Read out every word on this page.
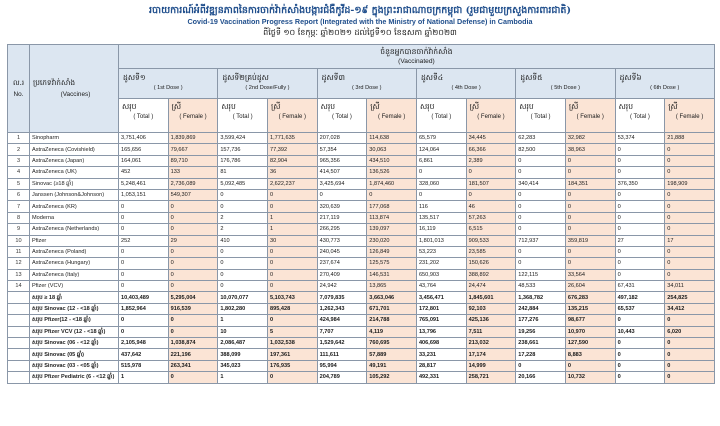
របាយការណ៍អំពីវឌ្ឍនភាពនៃការចាក់វ៉ាក់សាំងបង្ការជំងឺកូវីដ-១៩ ក្នុងព្រះរាជាណាចក្រកម្ពុជា (រួមជាមួយក្រសួងការពារជាតិ)
Covid-19 Vaccination Progress Report (Integrated with the Ministry of National Defense) in Cambodia
ពីថ្ងៃទី ១០ ខែកុម្ភៈ ឆ្នាំ២០២១ ដល់ថ្ងៃទី១០ ខែឧសភា ឆ្នាំ២០២៣
ល.រ
No.	ប្រភេទវ៉ាក់សាំង
(Vaccines)	ចំនួនអ្នកបានចាក់វ៉ាក់សាំង
(Vaccinated)											

		ដូសទី១
( 1st Dose )		ដូសទី២គ្រប់ដូស
( 2nd Dose/Fully )		ដូសទី៣
( 3rd Dose )		ដូសទី៤
( 4th Dose )		ដូសទី៥
( 5th Dose )		ដូសទី៦
( 6th Dose )	

		សរុប
( Total )	ស្រី
( Female )	សរុប
( Total )	ស្រី
( Female )	សរុប
( Total )	ស្រី
( Female )	សរុប
( Total )	ស្រី
( Female )	សរុប
( Total )	ស្រី
( Female )	សរុប
( Total )	ស្រី
( Female )

1	Sinopharm	3,751,406	1,839,869	3,599,424	1,771,635	207,028	114,638	65,579	34,445	62,283	32,982	53,374	21,888
2	AstraZeneca (Covishield)	165,656	79,667	157,736	77,392	57,354	30,063	124,064	66,366	82,500	38,963	0	0
3	AstraZeneca (Japan)	164,061	89,710	176,786	82,904	965,356	434,510	6,861	2,389	0	0	0	0
4	AstraZeneca (UK)	452	133	81	36	414,507	136,526	0	0	0	0	0	0
5	Sinovac (≥18 ឆ្នាំ)	5,248,461	2,736,089	5,092,485	2,622,237	3,425,694	1,874,460	328,060	181,507	340,414	184,351	376,350	198,909
6	Janssen (Johnson&Johnson)	1,053,151	549,307	0	0	0	0	0	0	0	0	0	0
7	AstraZeneca (KR)	0	0	0	0	320,639	177,068	116	46	0	0	0	0
8	Moderna	0	0	2	1	217,119	113,874	135,517	57,263	0	0	0	0
9	AstraZeneca (Netherlands)	0	0	2	1	266,295	139,097	16,119	6,515	0	0	0	0
10	Pfizer	252	29	410	30	430,773	230,020	1,801,013	909,533	712,937	359,819	27	17
11	AstraZeneca (Poland)	0	0	0	0	240,045	126,849	53,223	23,585	0	0	0	0
12	AstraZeneca (Hungary)	0	0	0	0	237,674	125,575	231,202	150,626	0	0	0	0
13	AstraZeneca (Italy)	0	0	0	0	270,409	146,531	650,903	388,892	122,115	33,564	0	0
14	Pfizer (VCV)	0	0	0	0	24,942	13,865	43,764	24,474	48,533	26,604	67,431	34,011
	សរុប ≥ 18 ឆ្នាំ	10,403,489	5,295,004	10,070,077	5,103,743	7,079,835	3,663,046	3,456,471	1,845,601	1,368,782	676,283	497,182	254,825
	សរុប Sinovac (12 - <18 ឆ្នាំ)	1,852,964	916,539	1,802,280	895,428	1,262,343	671,701	172,801	92,103	242,884	135,215	65,537	34,412
	សរុប Pfizer(12 - <18 ឆ្នាំ)	0	0	1	0	424,984	214,788	765,091	425,136	177,276	98,677	0	0
	សរុប Pfizer VCV (12 - <18 ឆ្នាំ)	0	0	10	5	7,707	4,119	13,796	7,511	19,256	10,970	10,443	6,020
	សរុប Sinovac (06 - <12 ឆ្នាំ)	2,105,948	1,038,874	2,086,487	1,032,538	1,529,642	760,695	406,698	213,032	238,661	127,590	0	0
	សរុប Sinovac (05 ឆ្នាំ)	437,642	221,196	388,099	197,361	111,611	57,889	33,231	17,174	17,228	8,883	0	0
	សរុប Sinovac (03 - <05 ឆ្នាំ)	515,978	263,341	345,023	176,935	95,994	49,191	28,817	14,999	0	0	0	0
	សរុប Pfizer Pediatric (6 - <12 ឆ្នាំ)	1	0	1	0	204,789	105,292	492,331	258,721	20,166	10,732	0	0
